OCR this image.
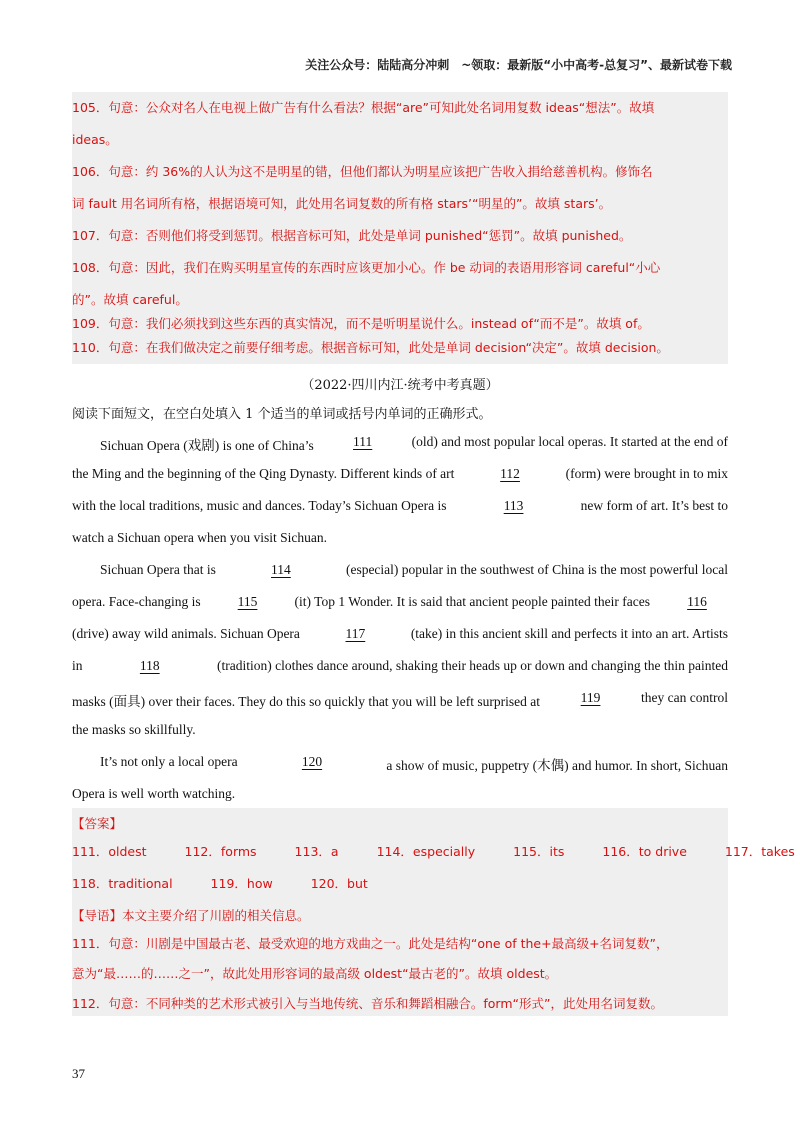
关注公众号：陆陆高分冲刺　~领取：最新版“小中高考-总复习”、最新试卷下载
105．句意：公众对名人在电视上做广告有什么看法？根据“are”可知此处名词用复数 ideas“想法”。故填
ideas。
106．句意：约 36%的人认为这不是明星的错，但他们都认为明星应该把广告收入捐给慈善机构。修饰名
词 fault 用名词所有格，根据语境可知，此处用名词复数的所有格 stars’“明星的”。故填 stars’。
107．句意：否则他们将受到惩罚。根据音标可知，此处是单词 punished“惩罚”。故填 punished。
108．句意：因此，我们在购买明星宣传的东西时应该更加小心。作 be 动词的表语用形容词 careful“小心
的”。故填 careful。
109．句意：我们必须找到这些东西的真实情况，而不是听明星说什么。instead of“而不是”。故填 of。
110．句意：在我们做决定之前要仔细考虑。根据音标可知，此处是单词 decision“决定”。故填 decision。
（2022·四川内江·统考中考真题）
阅读下面短文，在空白处填入 1 个适当的单词或括号内单词的正确形式。
Sichuan Opera (戏剧) is one of China’s	111	(old) and most popular local operas. It started at the end of
the Ming and the beginning of the Qing Dynasty. Different kinds of art	112	(form) were brought in to mix
with the local traditions, music and dances. Today’s Sichuan Opera is	113	new form of art. It’s best to
watch a Sichuan opera when you visit Sichuan.
Sichuan Opera that is	114	(especial) popular in the southwest of China is the most powerful local
opera. Face-changing is	115	(it) Top 1 Wonder. It is said that ancient people painted their faces	116
(drive) away wild animals. Sichuan Opera	117	(take) in this ancient skill and perfects it into an art. Artists
in	118	(tradition) clothes dance around, shaking their heads up or down and changing the thin painted
masks (面具) over their faces. They do this so quickly that you will be left surprised at	119	they can control
the masks so skillfully.
It’s not only a local opera	120	a show of music, puppetry (木偶) and humor. In short, Sichuan
Opera is well worth watching.
【答案】
111．oldest	112．forms	113．a	114．especially	115．its	116．to drive	117．takes
118．traditional	119．how	120．but
【导语】本文主要介绍了川剧的相关信息。
111．句意：川剧是中国最古老、最受欢迎的地方戏曲之一。此处是结构“one of the+最高级+名词复数”，
意为“最……的……之一”，故此处用形容词的最高级 oldest“最古老的”。故填 oldest。
112．句意：不同种类的艺术形式被引入与当地传统、音乐和舞蹈相融合。form“形式”，此处用名词复数。
37
